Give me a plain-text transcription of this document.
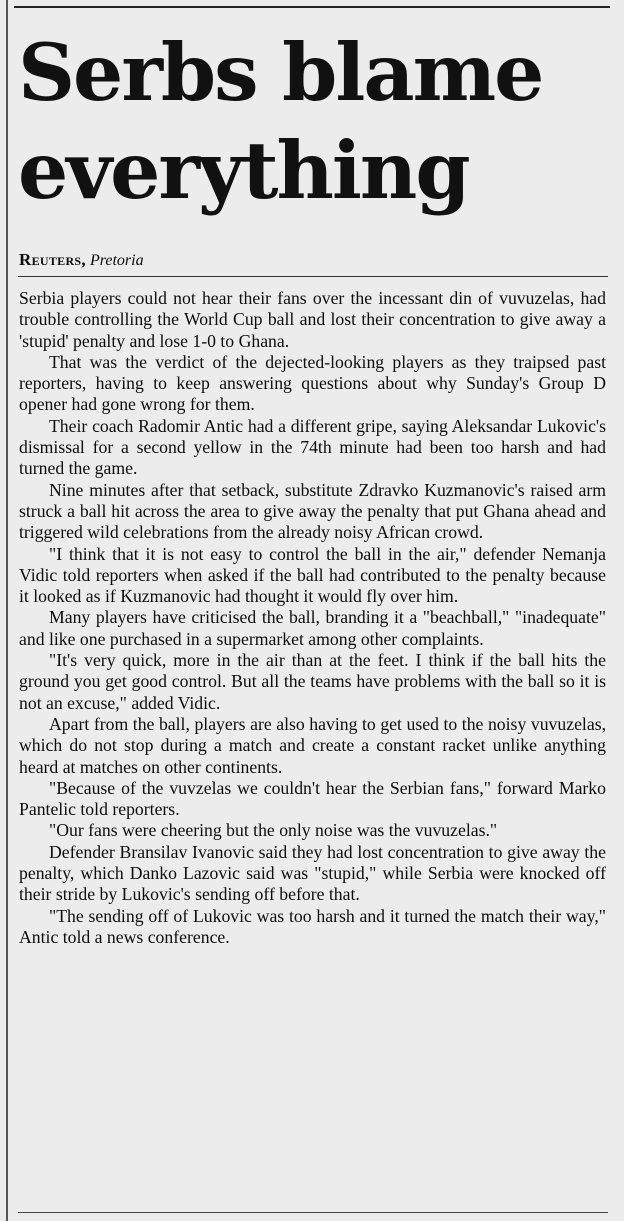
Serbs blame
everything
Reuters, Pretoria

Serbia players could not hear their fans over the incessant din of vuvuzelas, had trouble controlling the World Cup ball and lost their concentration to give away a 'stupid' penalty and lose 1-0 to Ghana.

That was the verdict of the dejected-looking players as they traipsed past reporters, having to keep answering questions about why Sunday's Group D opener had gone wrong for them.

Their coach Radomir Antic had a different gripe, saying Aleksandar Lukovic's dismissal for a second yellow in the 74th minute had been too harsh and had turned the game.

Nine minutes after that setback, substitute Zdravko Kuzmanovic's raised arm struck a ball hit across the area to give away the penalty that put Ghana ahead and triggered wild celebrations from the already noisy African crowd.

"I think that it is not easy to control the ball in the air," defender Nemanja Vidic told reporters when asked if the ball had contributed to the penalty because it looked as if Kuzmanovic had thought it would fly over him.

Many players have criticised the ball, branding it a "beachball," "inadequate" and like one purchased in a supermarket among other complaints.

"It's very quick, more in the air than at the feet. I think if the ball hits the ground you get good control. But all the teams have problems with the ball so it is not an excuse," added Vidic.

Apart from the ball, players are also having to get used to the noisy vuvuzelas, which do not stop during a match and create a constant racket unlike anything heard at matches on other continents.

"Because of the vuvzelas we couldn't hear the Serbian fans," forward Marko Pantelic told reporters.

"Our fans were cheering but the only noise was the vuvuzelas."

Defender Bransilav Ivanovic said they had lost concentration to give away the penalty, which Danko Lazovic said was "stupid," while Serbia were knocked off their stride by Lukovic's sending off before that.

"The sending off of Lukovic was too harsh and it turned the match their way," Antic told a news conference.
